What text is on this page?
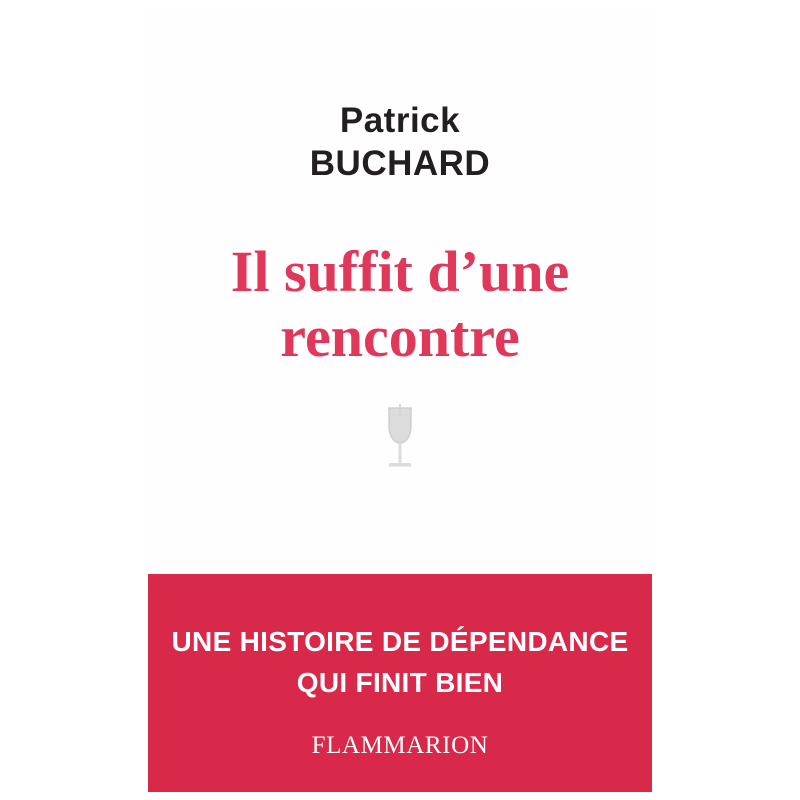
Patrick
BUCHARD
Il suffit d’une
rencontre
UNE HISTOIRE DE DÉPENDANCE
QUI FINIT BIEN
FLAMMARION
